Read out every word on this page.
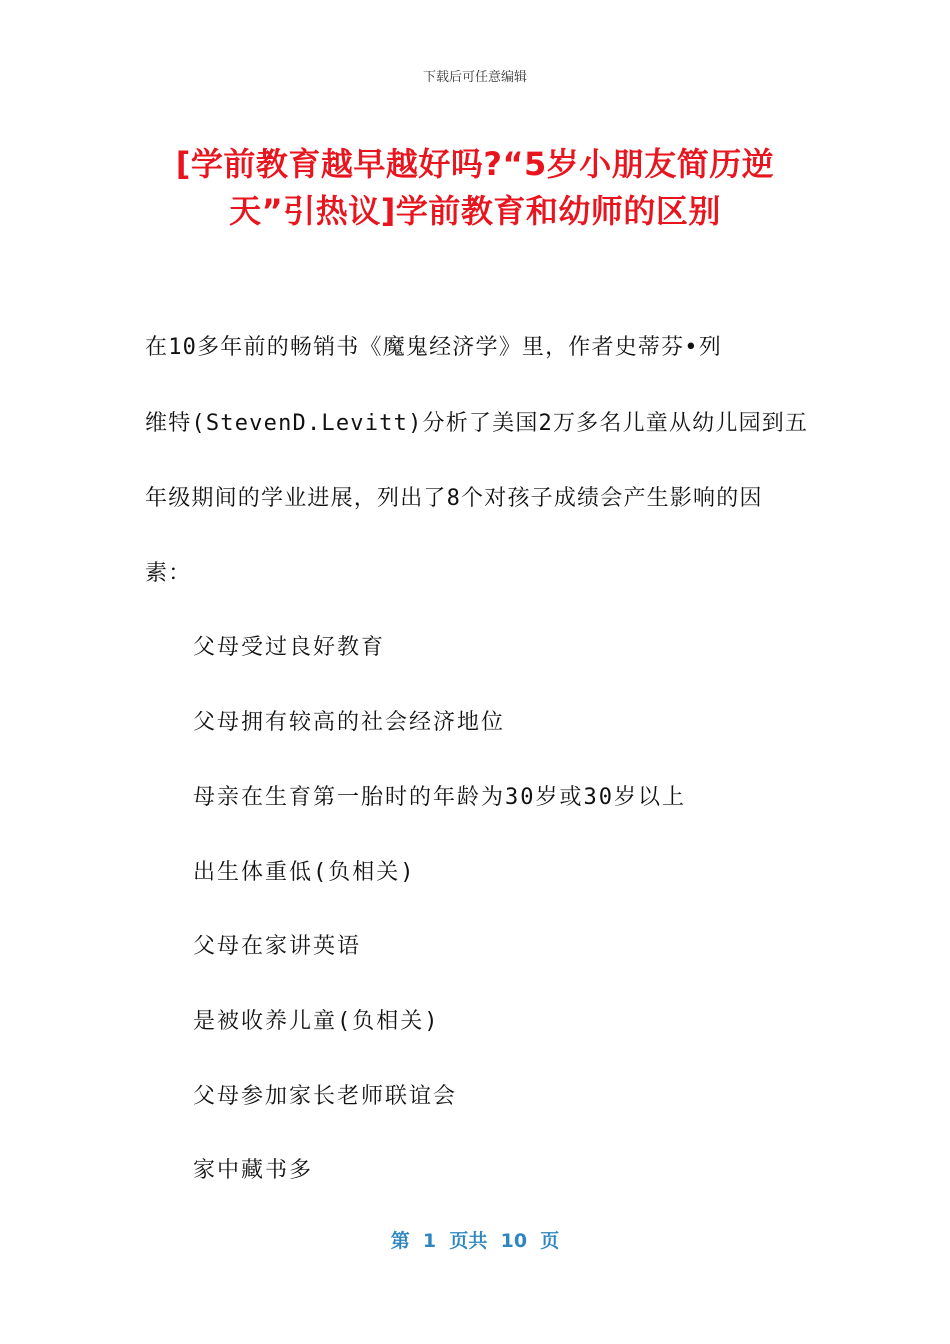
下载后可任意编辑
[学前教育越早越好吗?“5岁小朋友简历逆天”引热议]学前教育和幼师的区别
在10多年前的畅销书《魔鬼经济学》里，作者史蒂芬•列
维特(StevenD.Levitt)分析了美国2万多名儿童从幼儿园到五
年级期间的学业进展，列出了8个对孩子成绩会产生影响的因
素：
父母受过良好教育
父母拥有较高的社会经济地位
母亲在生育第一胎时的年龄为30岁或30岁以上
出生体重低(负相关)
父母在家讲英语
是被收养儿童(负相关)
父母参加家长老师联谊会
家中藏书多
第  1  页共  10  页
